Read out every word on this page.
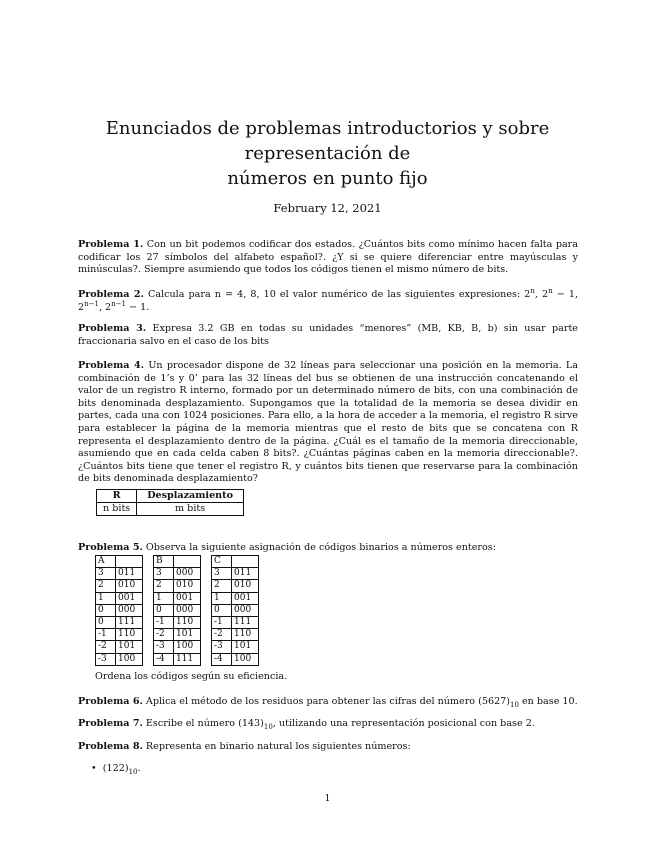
Enunciados de problemas introductorios y sobre representación de
números en punto fijo
February 12, 2021
Problema 1. Con un bit podemos codificar dos estados. ¿Cuántos bits como mínimo hacen falta para codificar los 27 símbolos del alfabeto español?. ¿Y si se quiere diferenciar entre mayúsculas y minúsculas?. Siempre asumiendo que todos los códigos tienen el mismo número de bits.
Problema 2. Calcula para n = 4, 8, 10 el valor numérico de las siguientes expresiones: 2$^n$, $2^n - 1$, $2^{n-1}$, $2^{n-1} - 1$.
Problema 3. Expresa 3.2 GB en todas su unidades “menores” (MB, KB, B, b) sin usar parte fraccionaria salvo en el caso de los bits
Problema 4. Un procesador dispone de 32 líneas para seleccionar una posición en la memoria. La combinación de 1’s y 0’ para las 32 líneas del bus se obtienen de una instrucción concatenando el valor de un registro R interno, formado por un determinado número de bits, con una combinación de bits denominada desplazamiento. Supongamos que la totalidad de la memoria se desea dividir en partes, cada una con 1024 posiciones. Para ello, a la hora de acceder a la memoria, el registro R sirve para establecer la página de la memoria mientras que el resto de bits que se concatena con R representa el desplazamiento dentro de la página. ¿Cuál es el tamaño de la memoria direccionable, asumiendo que en cada celda caben 8 bits?. ¿Cuántas páginas caben en la memoria direccionable?. ¿Cuántos bits tiene que tener el registro R, y cuántos bits tienen que reservarse para la combinación de bits denominada desplazamiento?
R	Desplazamiento
n bits	m bits
Problema 5. Observa la siguiente asignación de códigos binarios a números enteros:
A			B			C	
3	011		3	000		3	011
2	010		2	010		2	010
1	001		1	001		1	001
0	000		0	000		0	000
0	111		-1	110		-1	111
-1	110		-2	101		-2	110
-2	101		-3	100		-3	101
-3	100		-4	111		-4	100
Ordena los códigos según su eficiencia.
Problema 6. Aplica el método de los residuos para obtener las cifras del número $(5627)_{10}$ en base 10.
Problema 7. Escribe el número $(143)_{10}$, utilizando una representación posicional con base 2.
Problema 8. Representa en binario natural los siguientes números:
• $(122)_{10}$.
1
